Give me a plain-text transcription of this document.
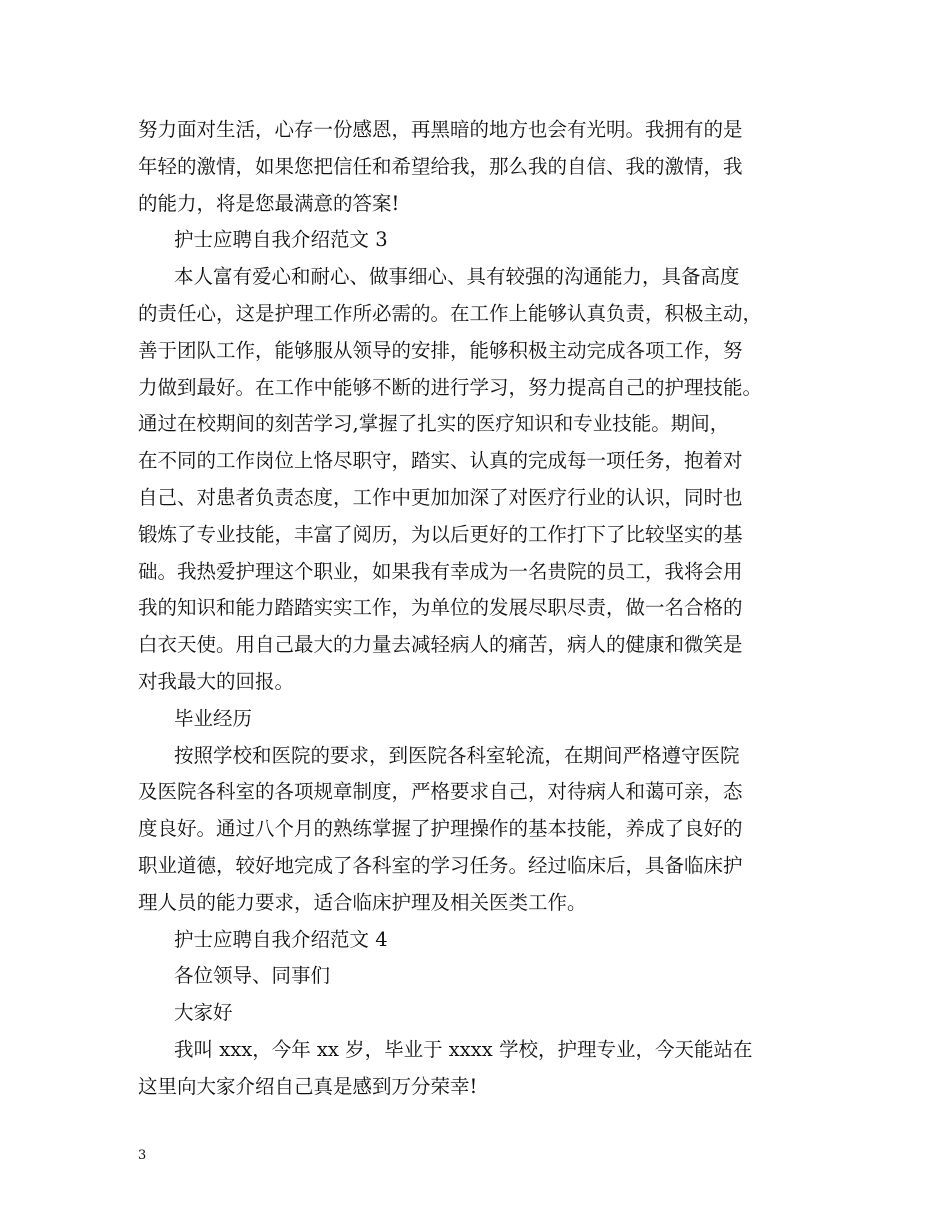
努力面对生活，心存一份感恩，再黑暗的地方也会有光明。我拥有的是
年轻的激情，如果您把信任和希望给我，那么我的自信、我的激情，我
的能力，将是您最满意的答案!
护士应聘自我介绍范文 3
本人富有爱心和耐心、做事细心、具有较强的沟通能力，具备高度
的责任心，这是护理工作所必需的。在工作上能够认真负责，积极主动，
善于团队工作，能够服从领导的安排，能够积极主动完成各项工作，努
力做到最好。在工作中能够不断的进行学习，努力提高自己的护理技能。
通过在校期间的刻苦学习,掌握了扎实的医疗知识和专业技能。期间，
在不同的工作岗位上恪尽职守，踏实、认真的完成每一项任务，抱着对
自己、对患者负责态度，工作中更加加深了对医疗行业的认识，同时也
锻炼了专业技能，丰富了阅历，为以后更好的工作打下了比较坚实的基
础。我热爱护理这个职业，如果我有幸成为一名贵院的员工，我将会用
我的知识和能力踏踏实实工作，为单位的发展尽职尽责，做一名合格的
白衣天使。用自己最大的力量去减轻病人的痛苦，病人的健康和微笑是
对我最大的回报。
毕业经历
按照学校和医院的要求，到医院各科室轮流，在期间严格遵守医院
及医院各科室的各项规章制度，严格要求自己，对待病人和蔼可亲，态
度良好。通过八个月的熟练掌握了护理操作的基本技能，养成了良好的
职业道德，较好地完成了各科室的学习任务。经过临床后，具备临床护
理人员的能力要求，适合临床护理及相关医类工作。
护士应聘自我介绍范文 4
各位领导、同事们
大家好
我叫 xxx，今年 xx 岁，毕业于 xxxx 学校，护理专业，今天能站在
这里向大家介绍自己真是感到万分荣幸!
3
